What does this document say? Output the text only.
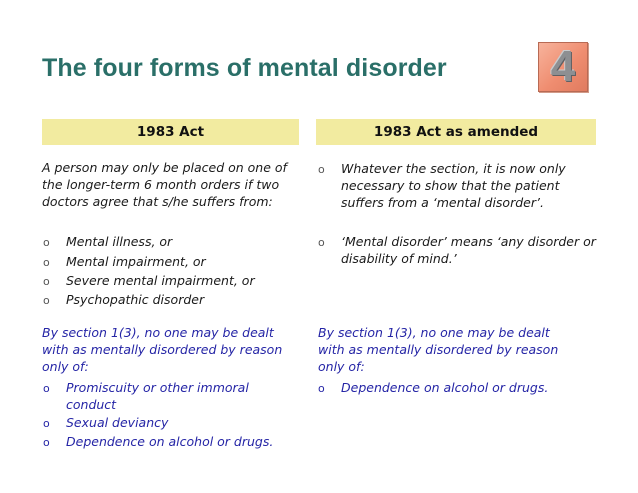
The four forms of mental disorder 4
1983 Act	1983 Act as amended

A person may only be placed on one of the longer-term 6 month orders if two doctors agree that s/he suffers from:

o Mental illness, or
o Mental impairment, or
o Severe mental impairment, or
o Psychopathic disorder

By section 1(3), no one may be dealt with as mentally disordered by reason only of:

o Promiscuity or other immoral conduct
o Sexual deviancy
o Dependence on alcohol or drugs.
o Whatever the section, it is now only necessary to show that the patient suffers from a ‘mental disorder’.
o ‘Mental disorder’ means ‘any disorder or disability of mind.’

By section 1(3), no one may be dealt with as mentally disordered by reason only of:

o Dependence on alcohol or drugs.
